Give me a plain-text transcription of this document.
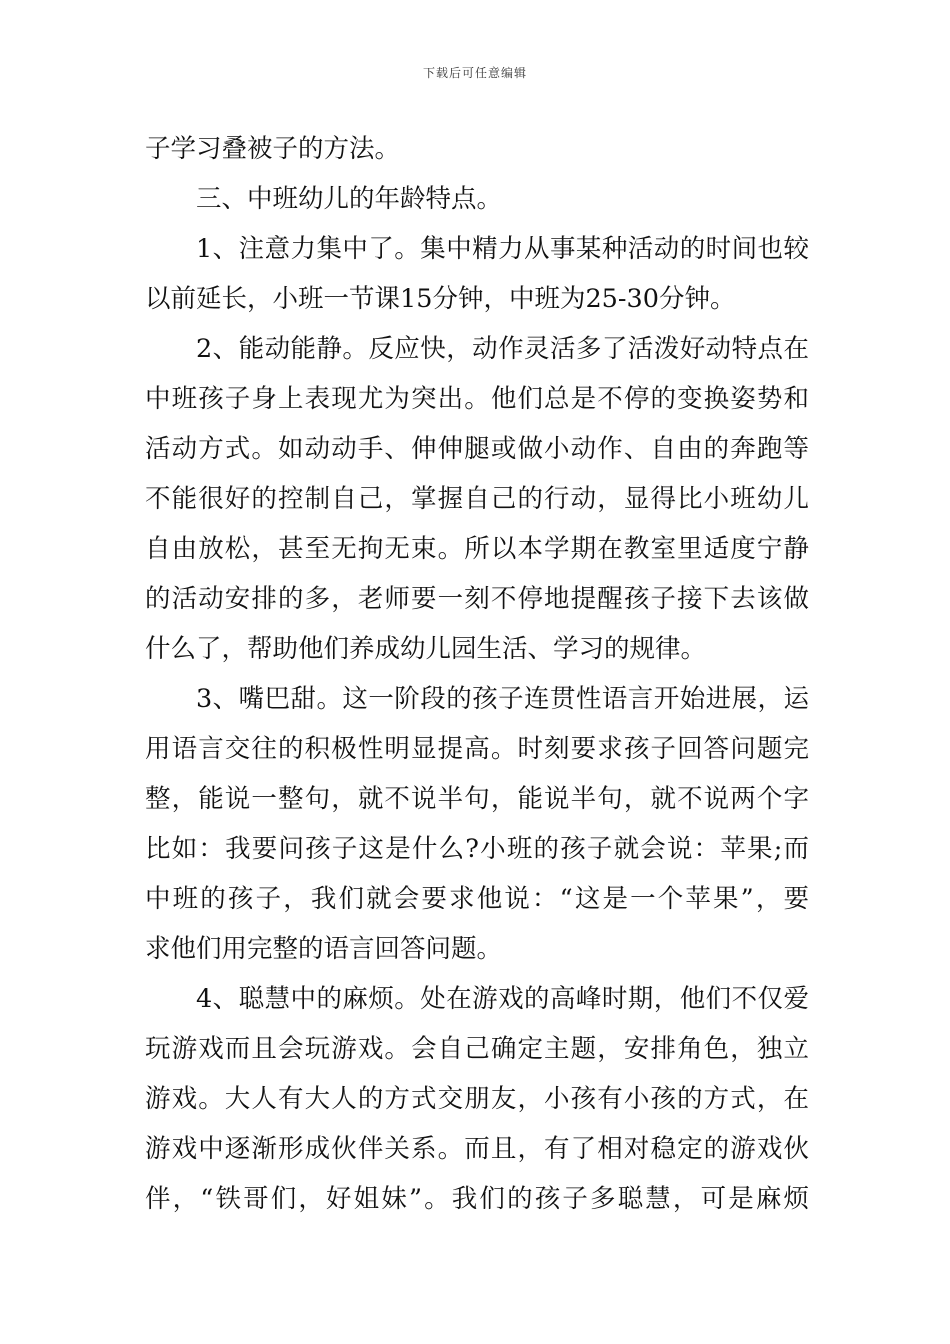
下载后可任意编辑
子学习叠被子的方法。
三、中班幼儿的年龄特点。
1、注意力集中了。集中精力从事某种活动的时间也较
以前延长，小班一节课15分钟，中班为25-30分钟。
2、能动能静。反应快，动作灵活多了活泼好动特点在
中班孩子身上表现尤为突出。他们总是不停的变换姿势和
活动方式。如动动手、伸伸腿或做小动作、自由的奔跑等
不能很好的控制自己，掌握自己的行动，显得比小班幼儿
自由放松，甚至无拘无束。所以本学期在教室里适度宁静
的活动安排的多，老师要一刻不停地提醒孩子接下去该做
什么了，帮助他们养成幼儿园生活、学习的规律。
3、嘴巴甜。这一阶段的孩子连贯性语言开始进展，运
用语言交往的积极性明显提高。时刻要求孩子回答问题完
整，能说一整句，就不说半句，能说半句，就不说两个字
比如：我要问孩子这是什么?小班的孩子就会说：苹果;而
中班的孩子，我们就会要求他说：“这是一个苹果”，要
求他们用完整的语言回答问题。
4、聪慧中的麻烦。处在游戏的高峰时期，他们不仅爱
玩游戏而且会玩游戏。会自己确定主题，安排角色，独立
游戏。大人有大人的方式交朋友，小孩有小孩的方式，在
游戏中逐渐形成伙伴关系。而且，有了相对稳定的游戏伙
伴，“铁哥们，好姐妹”。我们的孩子多聪慧，可是麻烦
